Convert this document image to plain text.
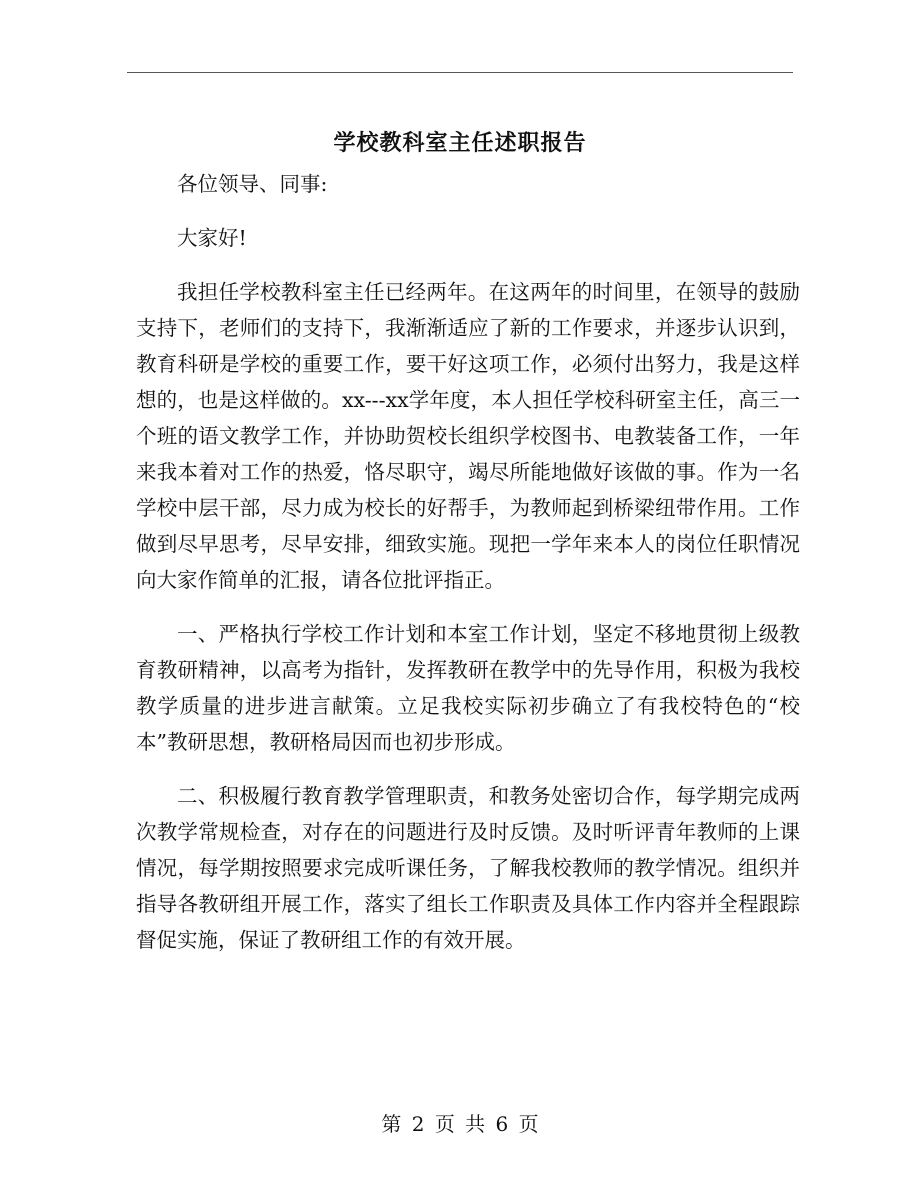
学校教科室主任述职报告

各位领导、同事:

大家好!

我担任学校教科室主任已经两年。在这两年的时间里，在领导的鼓励支持下，老师们的支持下，我渐渐适应了新的工作要求，并逐步认识到，教育科研是学校的重要工作，要干好这项工作，必须付出努力，我是这样想的，也是这样做的。xx---xx学年度，本人担任学校科研室主任，高三一个班的语文教学工作，并协助贺校长组织学校图书、电教装备工作，一年来我本着对工作的热爱，恪尽职守，竭尽所能地做好该做的事。作为一名学校中层干部，尽力成为校长的好帮手，为教师起到桥梁纽带作用。工作做到尽早思考，尽早安排，细致实施。现把一学年来本人的岗位任职情况向大家作简单的汇报，请各位批评指正。

一、严格执行学校工作计划和本室工作计划，坚定不移地贯彻上级教育教研精神，以高考为指针，发挥教研在教学中的先导作用，积极为我校教学质量的进步进言献策。立足我校实际初步确立了有我校特色的“校本”教研思想，教研格局因而也初步形成。

二、积极履行教育教学管理职责，和教务处密切合作，每学期完成两次教学常规检查，对存在的问题进行及时反馈。及时听评青年教师的上课情况，每学期按照要求完成听课任务，了解我校教师的教学情况。组织并指导各教研组开展工作，落实了组长工作职责及具体工作内容并全程跟踪督促实施，保证了教研组工作的有效开展。

第 2 页 共 6 页
